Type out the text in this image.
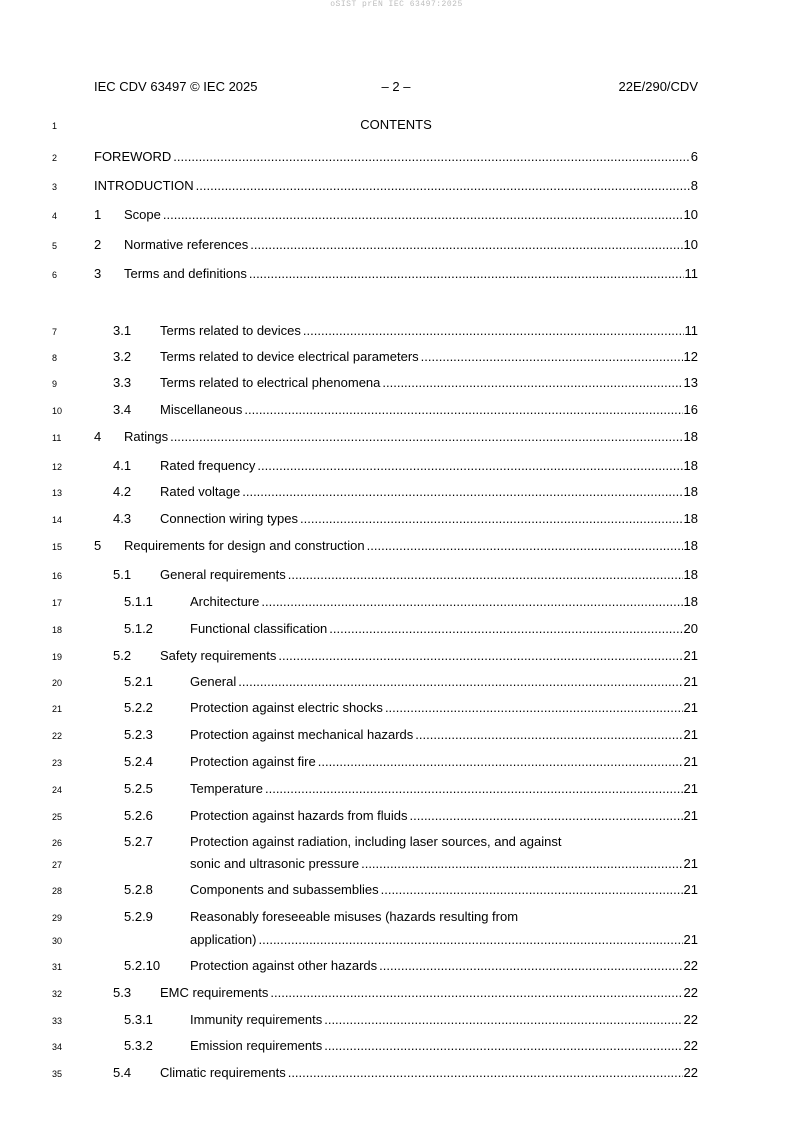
oSIST prEN IEC 63497:2025
IEC CDV 63497 © IEC 2025	– 2 –	22E/290/CDV
1	CONTENTS
2	FOREWORD .....	6
3	INTRODUCTION .....	8
4	1 Scope .....	10
5	2 Normative references .....	10
6	3 Terms and definitions .....	11
7	3.1 Terms related to devices .....	11
8	3.2 Terms related to device electrical parameters .....	12
9	3.3 Terms related to electrical phenomena .....	13
10	3.4 Miscellaneous .....	16
11	4 Ratings .....	18
12	4.1 Rated frequency .....	18
13	4.2 Rated voltage .....	18
14	4.3 Connection wiring types .....	18
15	5 Requirements for design and construction .....	18
16	5.1 General requirements .....	18
17	5.1.1	Architecture .....	18
18	5.1.2	Functional classification .....	20
19	5.2 Safety requirements .....	21
20	5.2.1	General .....	21
21	5.2.2	Protection against electric shocks .....	21
22	5.2.3	Protection against mechanical hazards .....	21
23	5.2.4	Protection against fire .....	21
24	5.2.5	Temperature .....	21
25	5.2.6	Protection against hazards from fluids .....	21
26	5.2.7	Protection against radiation, including laser sources, and against
27	sonic and ultrasonic pressure .....	21
28	5.2.8	Components and subassemblies .....	21
29	5.2.9	Reasonably foreseeable misuses (hazards resulting from
30	application) .....	21
31	5.2.10 Protection against other hazards .....	22
32	5.3 EMC requirements .....	22
33	5.3.1	Immunity requirements .....	22
34	5.3.2	Emission requirements .....	22
35	5.4 Climatic requirements .....	22
